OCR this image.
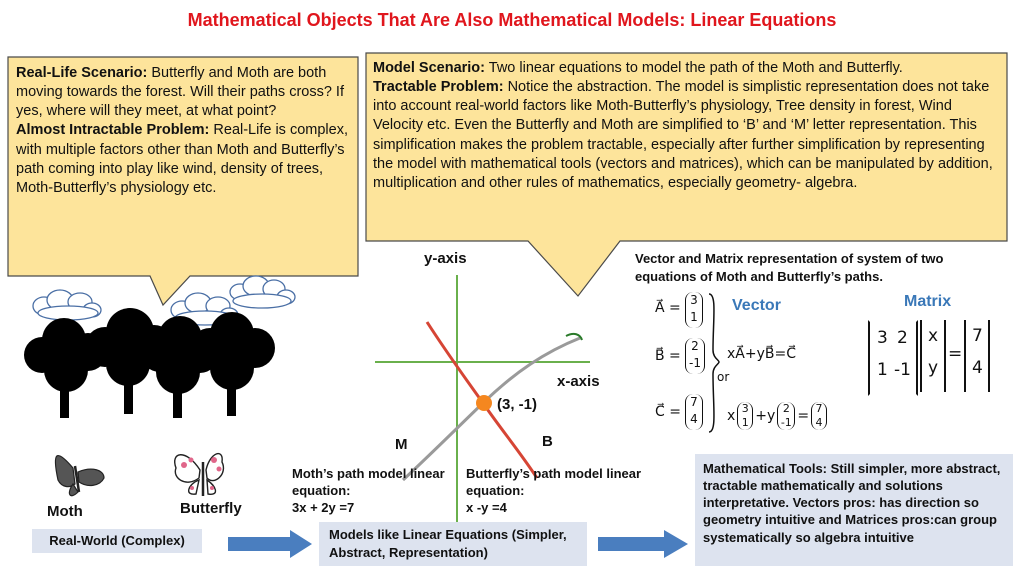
Mathematical Objects That Are Also Mathematical Models: Linear Equations
Real-Life Scenario: Butterfly and Moth are both moving towards the forest. Will their paths cross? If yes, where will they meet, at what point?
Almost Intractable Problem: Real-Life is complex, with multiple factors other than Moth and Butterfly’s path coming into play like wind, density of trees, Moth-Butterfly’s physiology etc.
Model Scenario: Two linear equations to model the path of the Moth and Butterfly.
Tractable Problem: Notice the abstraction. The model is simplistic representation does not take into account real-world factors like Moth-Butterfly’s physiology, Tree density in forest, Wind Velocity etc. Even the Butterfly and Moth are simplified to ‘B’ and ‘M’ letter representation. This simplification makes the problem tractable, especially after further simplification by representing the model with mathematical tools (vectors and matrices), which can be manipulated by addition, multiplication and other rules of mathematics, especially geometry- algebra.
Moth	Butterfly
y-axis
x-axis
(3, -1)
M	B
Moth’s path model linear equation:
3x + 2y =7
Butterfly’s path model linear equation:
x -y =4
Vector and Matrix representation of system of two equations of Moth and Butterfly’s paths.
Vector	Matrix
A⃗ = 3
1
B⃗ =
2
-1
C⃗ =
7
4
xA⃗+yB⃗=C⃗
or
x 3
1 +y 2
-1 = 7
4
3 2
1 -1
x
y
=
7
4
Real-World (Complex)	Models like Linear Equations (Simpler, Abstract, Representation)
Mathematical Tools: Still simpler, more abstract, tractable mathematically and solutions interpretative. Vectors pros: has direction so geometry intuitive and Matrices pros:can group systematically so algebra intuitive
